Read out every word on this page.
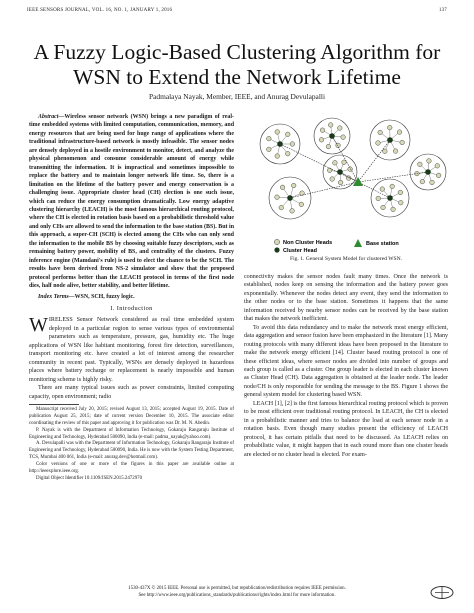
IEEE SENSORS JOURNAL, VOL. 16, NO. 1, JANUARY 1, 2016	137
A Fuzzy Logic-Based Clustering Algorithm for WSN to Extend the Network Lifetime
Padmalaya Nayak, Member, IEEE, and Anurag Devulapalli

Abstract—Wireless sensor network (WSN) brings a new paradigm of real-time embedded systems with limited computation, communication, memory, and energy resources that are being used for huge range of applications where the traditional infrastructure-based network is mostly infeasible. The sensor nodes are densely deployed in a hostile environment to monitor, detect, and analyze the physical phenomenon and consume considerable amount of energy while transmitting the information. It is impractical and sometimes impossible to replace the battery and to maintain longer network life time. So, there is a limitation on the lifetime of the battery power and energy conservation is a challenging issue. Appropriate cluster head (CH) election is one such issue, which can reduce the energy consumption dramatically. Low energy adaptive clustering hierarchy (LEACH) is the most famous hierarchical routing protocol, where the CH is elected in rotation basis based on a probabilistic threshold value and only CHs are allowed to send the information to the base station (BS). But in this approach, a super-CH (SCH) is elected among the CHs who can only send the information to the mobile BS by choosing suitable fuzzy descriptors, such as remaining battery power, mobility of BS, and centrality of the clusters. Fuzzy inference engine (Mamdani's rule) is used to elect the chance to be the SCH. The results have been derived from NS-2 simulator and show that the proposed protocol performs better than the LEACH protocol in terms of the first node dies, half node alive, better stability, and better lifetime.

Index Terms—WSN, SCH, fuzzy logic.

I. Introduction

WIRELESS Sensor Network considered as real time embedded system deployed in a particular region to sense various types of environmental parameters such as temperature, pressure, gas, humidity etc. The huge applications of WSN like habitant monitoring, forest fire detection, surveillances, transport monitoring etc. have created a lot of interest among the researcher community in recent past. Typically, WSNs are densely deployed in hazardous places where battery recharge or replacement is nearly impossible and human monitoring scheme is highly risky.

There are many typical issues such as power constraints, limited computing capacity, open environment; radio

Manuscript received July 20, 2015; revised August 13, 2015; accepted August 19, 2015. Date of publication August 25, 2015; date of current version December 10, 2015. The associate editor coordinating the review of this paper and approving it for publication was Dr. M. N. Abedin.

P. Nayak is with the Department of Information Technology, Gokaraju Rangaraju Institute of Engineering and Technology, Hyderabad 500090, India (e-mail: padma_nayak@yahoo.com).

A. Devulapalli was with the Department of Information Technology, Gokaraju Rangaraju Institute of Engineering and Technology, Hyderabad 500090, India. He is now with the System Testing Department, TCS, Mumbai 400 061, India (e-mail: anurag.dev@hotmail.com).

Color versions of one or more of the figures in this paper are available online at http://ieeexplore.ieee.org.

Digital Object Identifier 10.1109/JSEN.2015.2472970

Non Cluster Heads
Cluster Head
Base station
Fig. 1. General System Model for clustered WSN.

connectivity makes the sensor nodes fault many times. Once the network is established, nodes keep on sensing the information and the battery power goes exponentially. Whenever the nodes detect any event, they send the information to the other nodes or to the base station. Sometimes it happens that the same information received by nearby sensor nodes can be received by the base station that makes the network inefficient.

To avoid this data redundancy and to make the network most energy efficient, data aggregation and sensor fusion have been emphasized in the literature [1]. Many routing protocols with many different ideas have been proposed in the literature to make the network energy efficient [14]. Cluster based routing protocol is one of these efficient ideas, where sensor nodes are divided into number of groups and each group is called as a cluster. One group leader is elected in each cluster known as Cluster Head (CH). Data aggregation is obtained at the leader node. The leader node/CH is only responsible for sending the message to the BS. Figure 1 shows the general system model for clustering based WSN.

LEACH [1], [2] is the first famous hierarchical routing protocol which is proven to be most efficient over traditional routing protocol. In LEACH, the CH is elected in a probabilistic manner and tries to balance the load at each sensor node in a rotation basis. Even though many studies present the efficiency of LEACH protocol, it has certain pitfalls that need to be discussed. As LEACH relies on probabilistic value, it might happen that in each round more than one cluster heads are elected or no cluster head is elected. For exam-

1530-437X © 2015 IEEE. Personal use is permitted, but republication/redistribution requires IEEE permission.
See http://www.ieee.org/publications_standards/publications/rights/index.html for more information.
